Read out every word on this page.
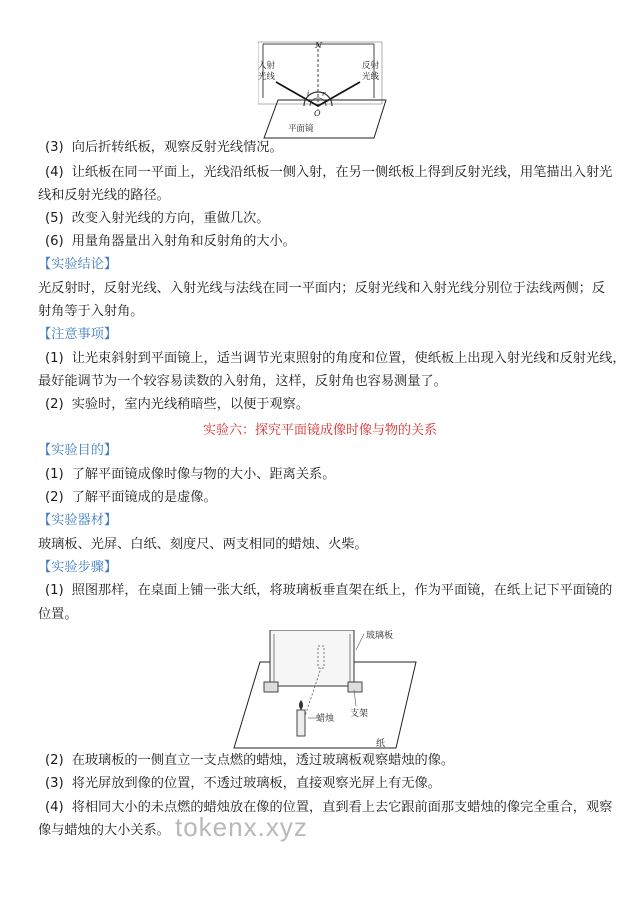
N
入射
光线
反射
光线
i r
O
平面镜
(3) 向后折转纸板，观察反射光线情况。
(4) 让纸板在同一平面上，光线沿纸板一侧入射，在另一侧纸板上得到反射光线，用笔描出入射光
线和反射光线的路径。
(5) 改变入射光线的方向，重做几次。
(6) 用量角器量出入射角和反射角的大小。
【实验结论】
光反射时，反射光线、入射光线与法线在同一平面内；反射光线和入射光线分别位于法线两侧；反
射角等于入射角。
【注意事项】
(1) 让光束斜射到平面镜上，适当调节光束照射的角度和位置，使纸板上出现入射光线和反射光线，
最好能调节为一个较容易读数的入射角，这样，反射角也容易测量了。
(2) 实验时，室内光线稍暗些，以便于观察。
实验六：探究平面镜成像时像与物的关系
【实验目的】
(1) 了解平面镜成像时像与物的大小、距离关系。
(2) 了解平面镜成的是虚像。
【实验器材】
玻璃板、光屏、白纸、刻度尺、两支相同的蜡烛、火柴。
【实验步骤】
(1) 照图那样，在桌面上铺一张大纸，将玻璃板垂直架在纸上，作为平面镜，在纸上记下平面镜的
位置。
玻璃板
蜡烛 支架
纸
(2) 在玻璃板的一侧直立一支点燃的蜡烛，透过玻璃板观察蜡烛的像。
(3) 将光屏放到像的位置，不透过玻璃板，直接观察光屏上有无像。
(4) 将相同大小的未点燃的蜡烛放在像的位置，直到看上去它跟前面那支蜡烛的像完全重合，观察
像与蜡烛的大小关系。 tokenx.xyz
